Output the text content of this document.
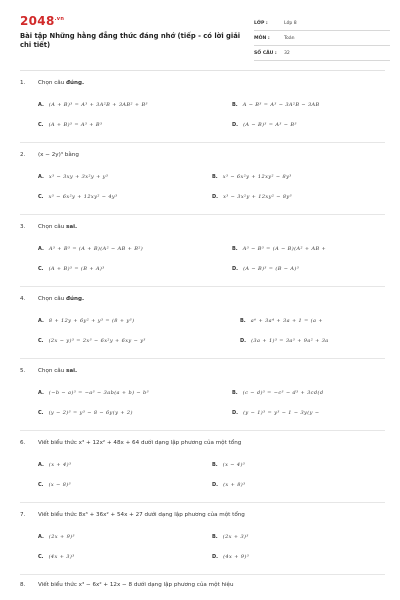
$2048^{.vn}$
Bài tập Những hằng đẳng thức đáng nhớ (tiếp - có lời giải chi tiết)
LỚP :	Lớp 8
MÔN :	Toán
SỐ CÂU : 32
1. Chọn câu đúng.
A. (A + B)³ = A³ + 3A²B + 3AB² + B³	B. A − B³ = A³ − 3A²B − 3AB
C. (A + B)³ = A³ + B³	D. (A − B)³ = A³ − B³
2. (x − 2y)³ bằng
A. x³ − 3xy + 3x²y + y³	B. x³ − 6x²y + 12xy² − 8y³
C. x³ − 6x²y + 12xy² − 4y³	D. x³ − 3x²y + 12xy² − 8y³
3. Chọn câu sai.
A. A³ + B³ = (A + B)(A² − AB + B²)	B. A³ − B³ = (A − B)(A² + AB +
C. (A + B)³ = (B + A)³	D. (A − B)³ = (B − A)³
4. Chọn câu đúng.
A. 8 + 12y + 6y² + y³ = (8 + y³)	B. a⁶ + 3a⁴ + 3a + 1 = (a +
C. (2x − y)³ = 2x³ − 6x²y + 6xy − y³	D. (3a + 1)³ = 3a³ + 9a² + 3a
5. Chọn câu sai.
A. (−b − a)³ = −a³ − 3ab(a + b) − b³	B. (c − d)³ = −c³ − d³ + 3cd(d
C. (y − 2)³ = y³ − 8 − 6y(y + 2)	D. (y − 1)³ = y³ − 1 − 3y(y −
6. Viết biểu thức x³ + 12x² + 48x + 64 dưới dạng lập phương của một tổng
A. (x + 4)³	B. (x − 4)³
C. (x − 8)³	D. (x + 8)³
7. Viết biểu thức 8x³ + 36x² + 54x + 27 dưới dạng lập phương của một tổng
A. (2x + 9)³	B. (2x + 3)³
C. (4x + 3)³	D. (4x + 9)³
8. Viết biểu thức x³ − 6x² + 12x − 8 dưới dạng lập phương của một hiệu
